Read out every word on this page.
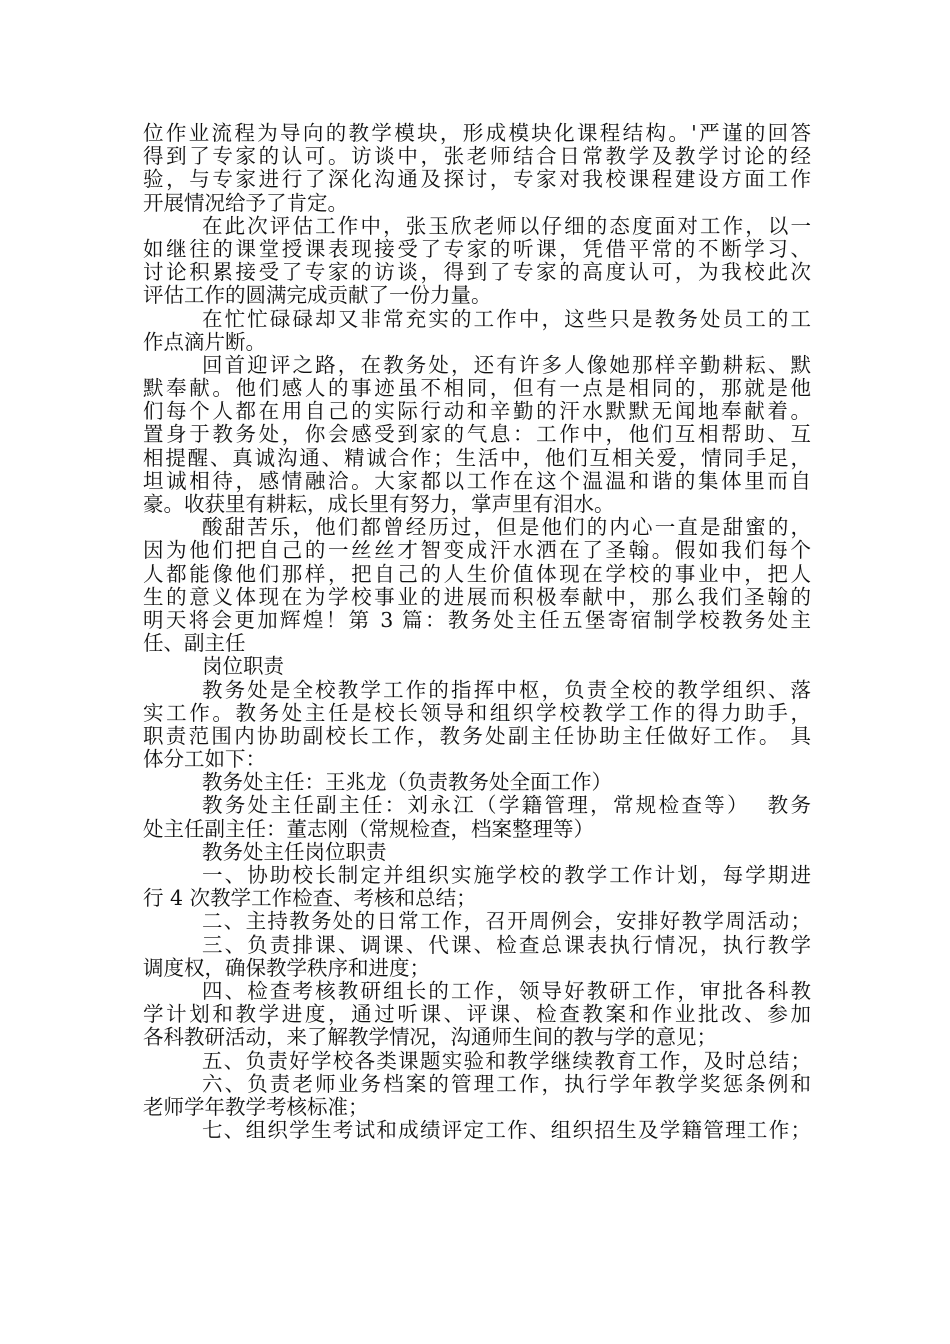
位作业流程为导向的教学模块，形成模块化课程结构。'严谨的回答
得到了专家的认可。访谈中，张老师结合日常教学及教学讨论的经
验，与专家进行了深化沟通及探讨，专家对我校课程建设方面工作
开展情况给予了肯定。
在此次评估工作中，张玉欣老师以仔细的态度面对工作，以一
如继往的课堂授课表现接受了专家的听课，凭借平常的不断学习、
讨论积累接受了专家的访谈，得到了专家的高度认可，为我校此次
评估工作的圆满完成贡献了一份力量。
在忙忙碌碌却又非常充实的工作中，这些只是教务处员工的工
作点滴片断。
回首迎评之路，在教务处，还有许多人像她那样辛勤耕耘、默
默奉献。他们感人的事迹虽不相同，但有一点是相同的，那就是他
们每个人都在用自己的实际行动和辛勤的汗水默默无闻地奉献着。
置身于教务处，你会感受到家的气息：工作中，他们互相帮助、互
相提醒、真诚沟通、精诚合作；生活中，他们互相关爱，情同手足，
坦诚相待，感情融洽。大家都以工作在这个温温和谐的集体里而自
豪。收获里有耕耘，成长里有努力，掌声里有泪水。
酸甜苦乐，他们都曾经历过，但是他们的内心一直是甜蜜的，
因为他们把自己的一丝丝才智变成汗水洒在了圣翰。假如我们每个
人都能像他们那样，把自己的人生价值体现在学校的事业中，把人
生的意义体现在为学校事业的进展而积极奉献中，那么我们圣翰的
明天将会更加辉煌！第 3 篇：教务处主任五堡寄宿制学校教务处主
任、副主任
岗位职责
教务处是全校教学工作的指挥中枢，负责全校的教学组织、落
实工作。教务处主任是校长领导和组织学校教学工作的得力助手，
职责范围内协助副校长工作，教务处副主任协助主任做好工作。 具
体分工如下：
教务处主任：王兆龙（负责教务处全面工作）
教务处主任副主任：刘永江（学籍管理，常规检查等）  教务
处主任副主任：董志刚（常规检查，档案整理等）
教务处主任岗位职责
一、协助校长制定并组织实施学校的教学工作计划，每学期进
行 4 次教学工作检查、考核和总结；
二、主持教务处的日常工作，召开周例会，安排好教学周活动；
三、负责排课、调课、代课、检查总课表执行情况，执行教学
调度权，确保教学秩序和进度；
四、检查考核教研组长的工作，领导好教研工作，审批各科教
学计划和教学进度，通过听课、评课、检查教案和作业批改、参加
各科教研活动，来了解教学情况，沟通师生间的教与学的意见；
五、负责好学校各类课题实验和教学继续教育工作，及时总结；
六、负责老师业务档案的管理工作，执行学年教学奖惩条例和
老师学年教学考核标准；
七、组织学生考试和成绩评定工作、组织招生及学籍管理工作；
